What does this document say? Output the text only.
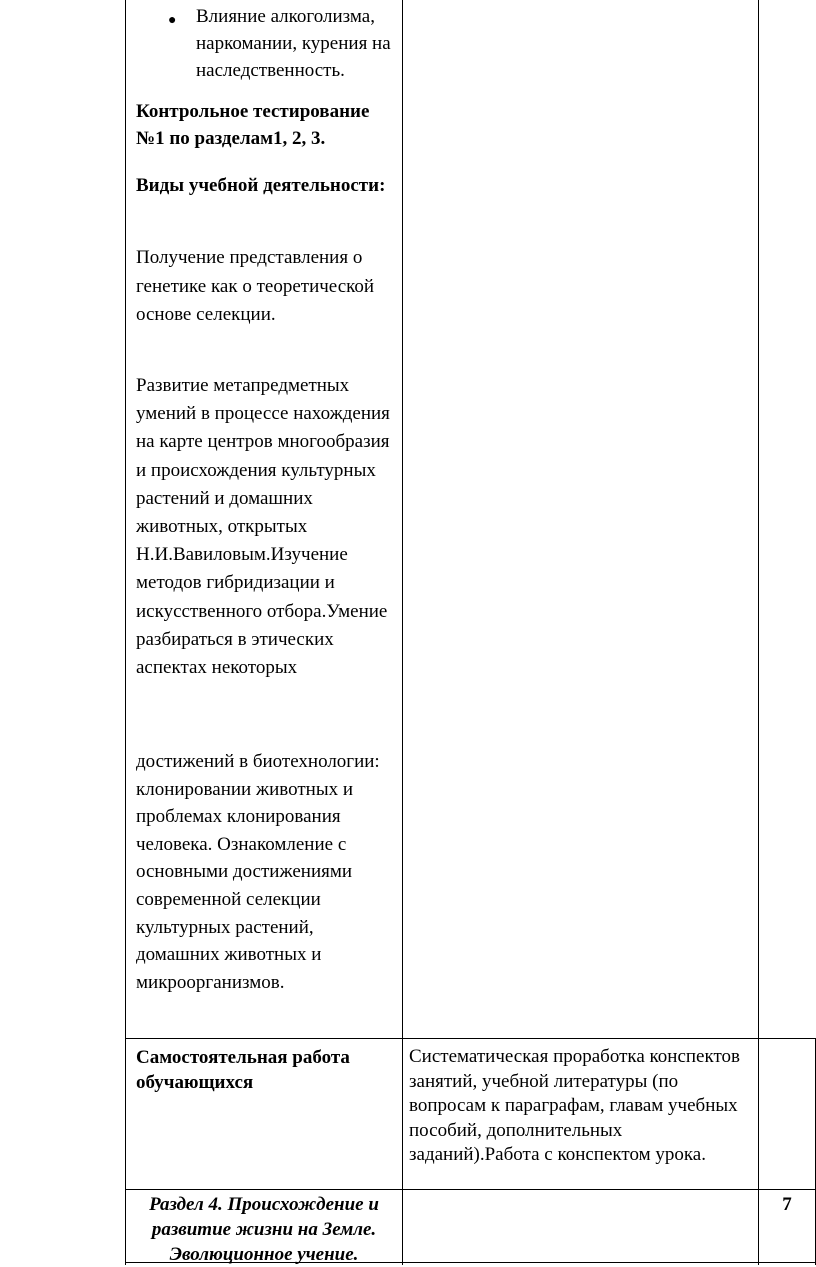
● Влияние алкоголизма, наркомании, курения на наследственность.
Контрольное тестирование №1 по разделам1, 2, 3.
Виды учебной деятельности:

Получение представления о генетике как о теоретической основе селекции.

Развитие метапредметных умений в процессе нахождения на карте центров многообразия и происхождения культурных растений и домашних животных, открытых Н.И.Вавиловым.Изучение методов гибридизации и искусственного отбора.Умение разбираться в этических аспектах некоторых

достижений в биотехнологии: клонировании животных и проблемах клонирования человека. Ознакомление с основными достижениями современной селекции культурных растений, домашних животных и микроорганизмов.

Самостоятельная работа обучающихся
Систематическая проработка конспектов занятий, учебной литературы (по вопросам к параграфам, главам учебных пособий, дополнительных заданий).Работа с конспектом урока.
Раздел 4. Происхождение и развитие жизни на Земле. Эволюционное учение.
7
